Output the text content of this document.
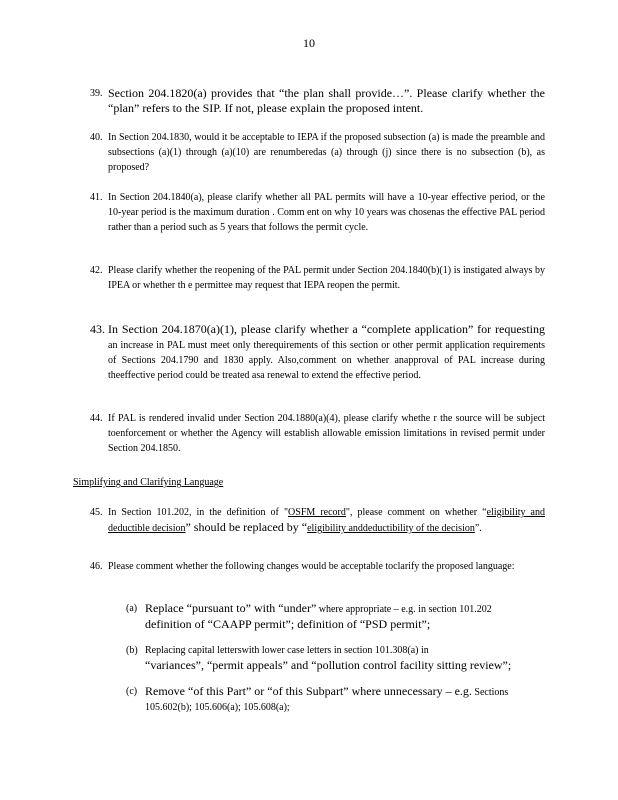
10
39. Section 204.1820(a) provides that “the plan shall provide…”. Please clarify whether the “plan” refers to the SIP. If not, please explain the proposed intent.
40. In Section 204.1830, would it be acceptable to IEPA if the proposed subsection (a) is made the preamble and subsections (a)(1) through (a)(10) are renumberedas (a) through (j) since there is no subsection (b), as proposed?
41. In Section 204.1840(a), please clarify whether all PAL permits will have a 10-year effective period, or the 10-year period is the maximum duration . Comm ent on why 10 years was chosenas the effective PAL period rather than a period such as 5 years that follows the permit cycle.
42. Please clarify whether the reopening of the PAL permit under Section 204.1840(b)(1) is instigated always by IPEA or whether th e permittee may request that IEPA reopen the permit.
43. In Section 204.1870(a)(1), please clarify whether a “complete application” for requesting an increase in PAL must meet only therequirements of this section or other permit application requirements of Sections 204.1790 and 1830 apply. Also,comment on whether anapproval of PAL increase during theeffective period could be treated asa renewal to extend the effective period.
44. If PAL is rendered invalid under Section 204.1880(a)(4), please clarify whethe r the source will be subject toenforcement or whether the Agency will establish allowable emission limitations in revised permit under Section 204.1850.
Simplifying and Clarifying Language
45. In Section 101.202, in the definition of "OSFM record", please comment on whether “eligibility and deductible decision” should be replaced by “eligibility anddeductibility of the decision”.
46. Please comment whether the following changes would be acceptable toclarify the proposed language:
(a) Replace “pursuant to” with “under” where appropriate – e.g. in section 101.202
definition of “CAAPP permit”; definition of “PSD permit”;
(b) Replacing capital letterswith lower case letters in section 101.308(a) in
“variances”, “permit appeals” and “pollution control facility sitting review”;
(c) Remove “of this Part” or “of this Subpart” where unnecessary – e.g. Sections
105.602(b); 105.606(a); 105.608(a);
